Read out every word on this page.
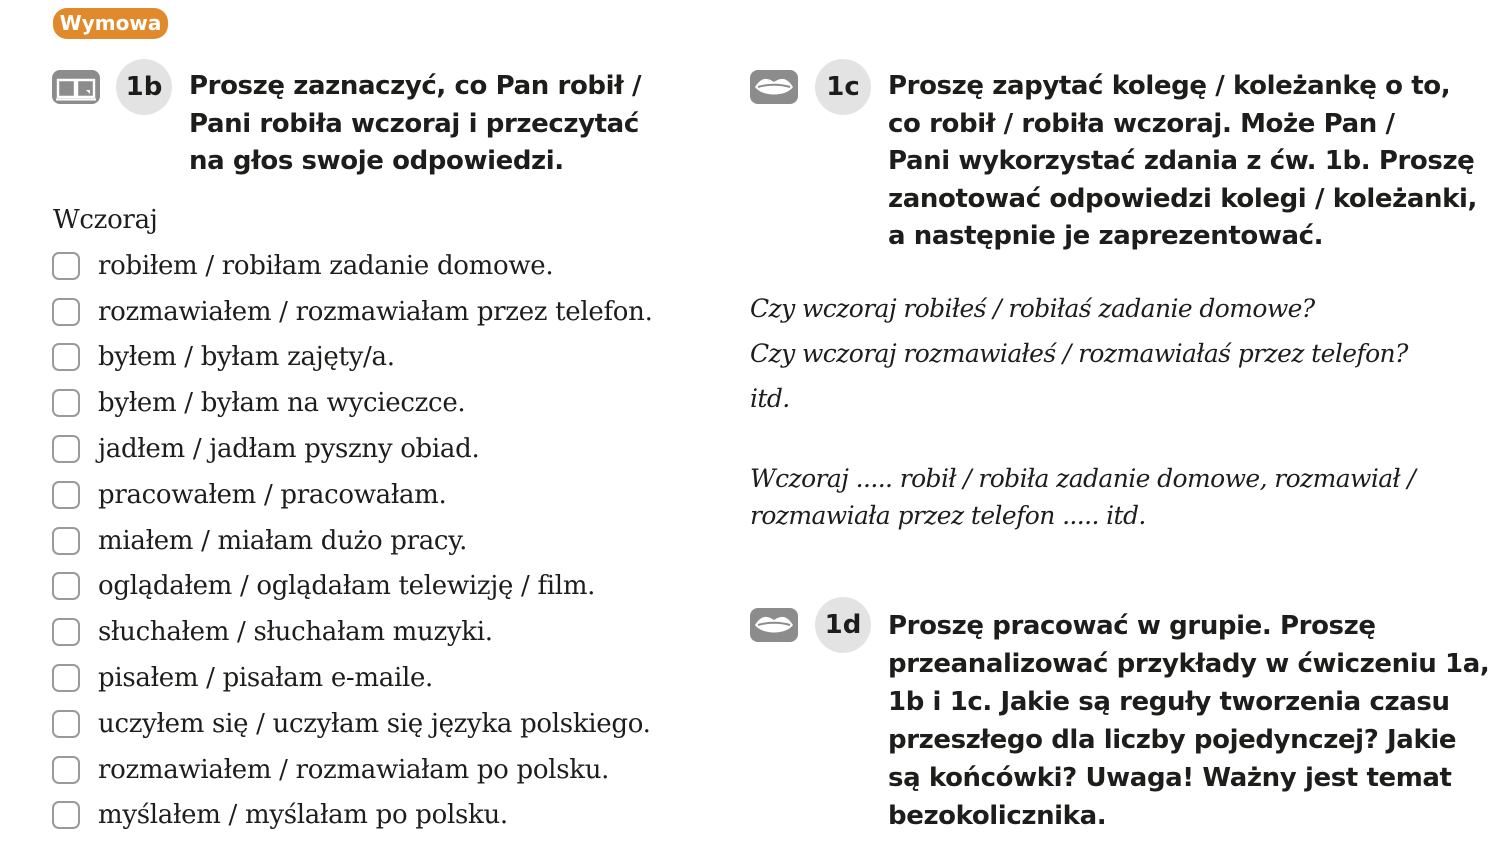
Wymowa
1b	Proszę zaznaczyć, co Pan robił /
Pani robiła wczoraj i przeczytać
na głos swoje odpowiedzi.
Wczoraj
robiłem / robiłam zadanie domowe.
rozmawiałem / rozmawiałam przez telefon.
byłem / byłam zajęty/a.
byłem / byłam na wycieczce.
jadłem / jadłam pyszny obiad.
pracowałem / pracowałam.
miałem / miałam dużo pracy.
oglądałem / oglądałam telewizję / film.
słuchałem / słuchałam muzyki.
pisałem / pisałam e-maile.
uczyłem się / uczyłam się języka polskiego.
rozmawiałem / rozmawiałam po polsku.
myślałem / myślałam po polsku.
1c	Proszę zapytać kolegę / koleżankę o to,
co robił / robiła wczoraj. Może Pan /
Pani wykorzystać zdania z ćw. 1b. Proszę
zanotować odpowiedzi kolegi / koleżanki,
a następnie je zaprezentować.

Czy wczoraj robiłeś / robiłaś zadanie domowe?

Czy wczoraj rozmawiałeś / rozmawiałaś przez telefon?

itd.

Wczoraj ..... robił / robiła zadanie domowe, rozmawiał /

rozmawiała przez telefon ..... itd.

1d	Proszę pracować w grupie. Proszę
przeanalizować przykłady w ćwiczeniu 1a,
1b i 1c. Jakie są reguły tworzenia czasu
przeszłego dla liczby pojedynczej? Jakie
są końcówki? Uwaga! Ważny jest temat
bezokolicznika.
